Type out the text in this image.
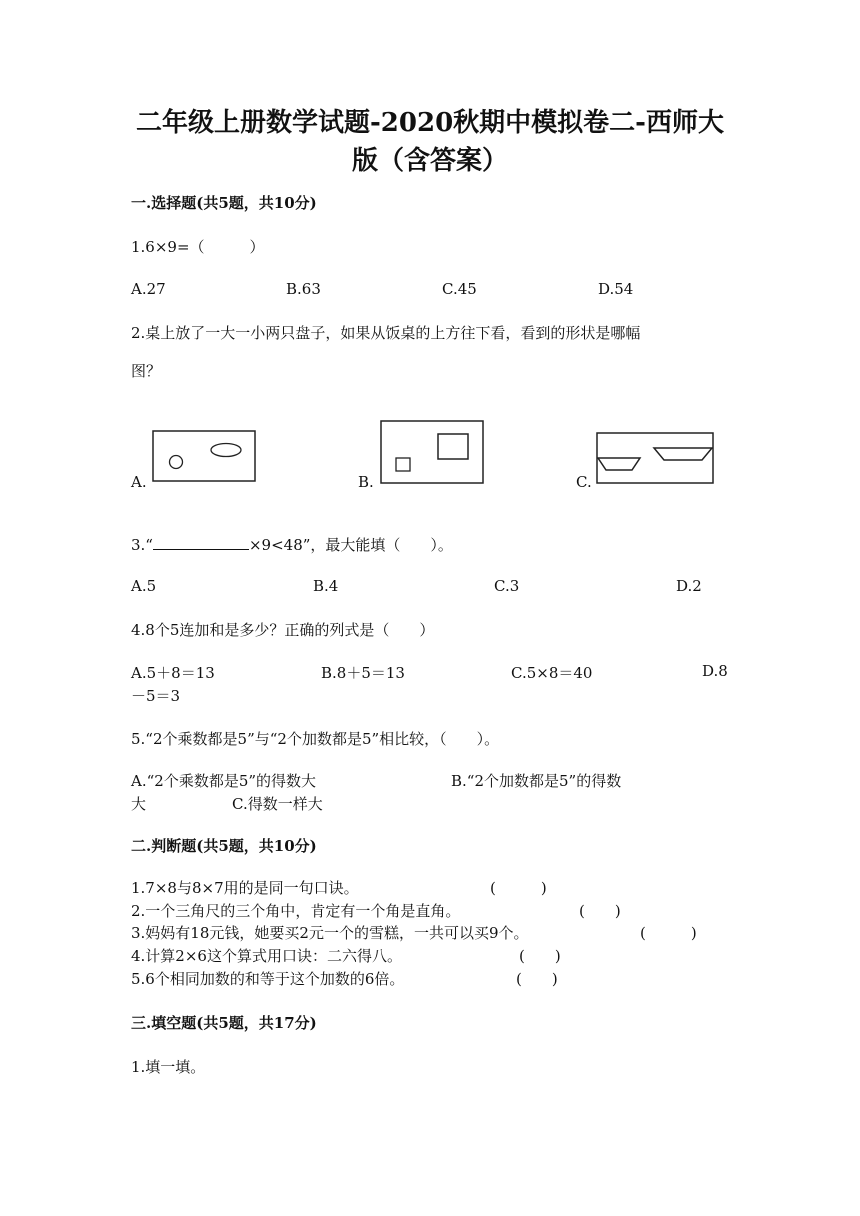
二年级上册数学试题-2020秋期中模拟卷二-西师大
版（含答案）
一.选择题(共5题，共10分)
1.6×9=（　　　）
A.27	B.63	C.45	D.54
2.桌上放了一大一小两只盘子，如果从饭桌的上方往下看，看到的形状是哪幅
图？
A.	B.	C.
3.“	×9<48”，最大能填（　　）。
A.5	B.4	C.3	D.2
4.8个5连加和是多少？正确的列式是（　　）
A.5＋8＝13	B.8＋5＝13	C.5×8＝40	D.8
－5＝3
5.“2个乘数都是5”与“2个加数都是5”相比较，（　　）。
A.“2个乘数都是5”的得数大	B.“2个加数都是5”的得数
大	C.得数一样大
二.判断题(共5题，共10分)
1.7×8与8×7用的是同一句口诀。	(　　　)
2.一个三角尺的三个角中，肯定有一个角是直角。	(　　)
3.妈妈有18元钱，她要买2元一个的雪糕，一共可以买9个。	(　　　)
4.计算2×6这个算式用口诀：二六得八。	(　　)
5.6个相同加数的和等于这个加数的6倍。	(　　)
三.填空题(共5题，共17分)
1.填一填。
